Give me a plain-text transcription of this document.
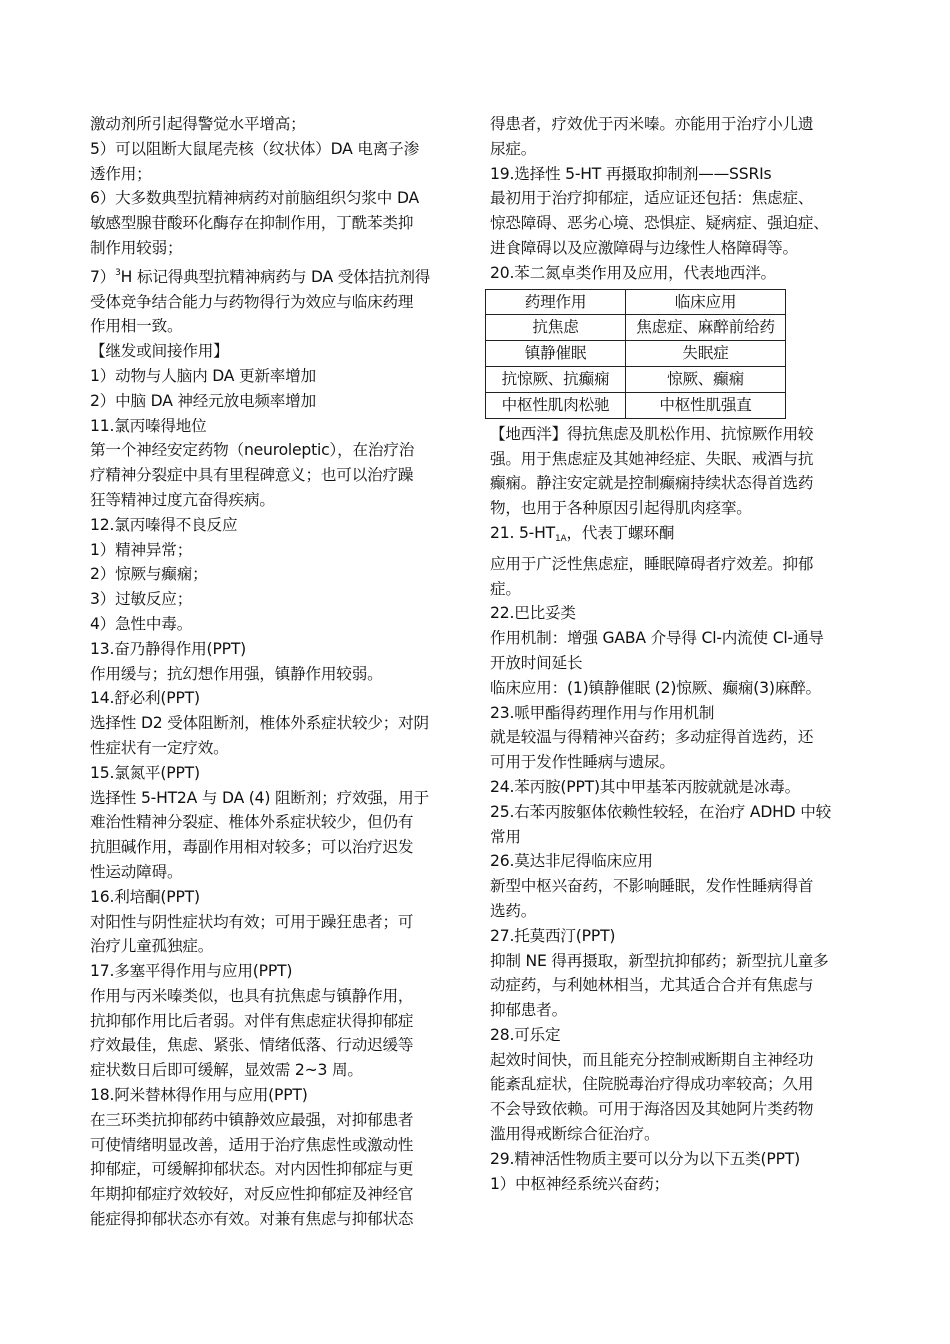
激动剂所引起得警觉水平增高；
5）可以阻断大鼠尾壳核（纹状体）DA 电离子渗
透作用；
6）大多数典型抗精神病药对前脑组织匀浆中 DA
敏感型腺苷酸环化酶存在抑制作用，丁酰苯类抑
制作用较弱；
7）$^3$H 标记得典型抗精神病药与 DA 受体拮抗剂得
受体竞争结合能力与药物得行为效应与临床药理
作用相一致。
【继发或间接作用】
1）动物与人脑内 DA 更新率增加
2）中脑 DA 神经元放电频率增加
11.氯丙嗪得地位
第一个神经安定药物（neuroleptic），在治疗治
疗精神分裂症中具有里程碑意义；也可以治疗躁
狂等精神过度亢奋得疾病。
12.氯丙嗪得不良反应
1）精神异常；
2）惊厥与癫痫；
3）过敏反应；
4）急性中毒。
13.奋乃静得作用(PPT)
作用缓与；抗幻想作用强，镇静作用较弱。
14.舒必利(PPT)
选择性 D2 受体阻断剂，椎体外系症状较少；对阴
性症状有一定疗效。
15.氯氮平(PPT)
选择性 5-HT2A 与 DA (4) 阻断剂；疗效强，用于
难治性精神分裂症、椎体外系症状较少，但仍有
抗胆碱作用，毒副作用相对较多；可以治疗迟发
性运动障碍。
16.利培酮(PPT)
对阳性与阴性症状均有效；可用于躁狂患者；可
治疗儿童孤独症。
17.多塞平得作用与应用(PPT)
作用与丙米嗪类似，也具有抗焦虑与镇静作用，
抗抑郁作用比后者弱。对伴有焦虑症状得抑郁症
疗效最佳，焦虑、紧张、情绪低落、行动迟缓等
症状数日后即可缓解，显效需 2~3 周。
18.阿米替林得作用与应用(PPT)
在三环类抗抑郁药中镇静效应最强，对抑郁患者
可使情绪明显改善，适用于治疗焦虑性或激动性
抑郁症，可缓解抑郁状态。对内因性抑郁症与更
年期抑郁症疗效较好，对反应性抑郁症及神经官
能症得抑郁状态亦有效。对兼有焦虑与抑郁状态
得患者，疗效优于丙米嗪。亦能用于治疗小儿遗
尿症。
19.选择性 5-HT 再摄取抑制剂——SSRIs
最初用于治疗抑郁症，适应证还包括：焦虑症、
惊恐障碍、恶劣心境、恐惧症、疑病症、强迫症、
进食障碍以及应激障碍与边缘性人格障碍等。
20.苯二氮卓类作用及应用，代表地西泮。
药理作用	临床应用
抗焦虑	焦虑症、麻醉前给药
镇静催眠	失眠症
抗惊厥、抗癫痫	惊厥、癫痫
中枢性肌肉松驰	中枢性肌强直
【地西泮】得抗焦虑及肌松作用、抗惊厥作用较
强。用于焦虑症及其她神经症、失眠、戒酒与抗
癫痫。静注安定就是控制癫痫持续状态得首选药
物，也用于各种原因引起得肌肉痉挛。
21. $5-HT_{1A}$，代表丁螺环酮
应用于广泛性焦虑症，睡眠障碍者疗效差。抑郁
症。
22.巴比妥类
作用机制：增强 GABA 介导得 Cl-内流使 Cl-通导
开放时间延长
临床应用：(1)镇静催眠 (2)惊厥、癫痫(3)麻醉。
23.哌甲酯得药理作用与作用机制
就是较温与得精神兴奋药；多动症得首选药，还
可用于发作性睡病与遗尿。
24.苯丙胺(PPT)其中甲基苯丙胺就就是冰毒。
25.右苯丙胺躯体依赖性较轻，在治疗 ADHD 中较
常用
26.莫达非尼得临床应用
新型中枢兴奋药，不影响睡眠，发作性睡病得首
选药。
27.托莫西汀(PPT)
抑制 NE 得再摄取，新型抗抑郁药；新型抗儿童多
动症药，与利她林相当，尤其适合合并有焦虑与
抑郁患者。
28.可乐定
起效时间快，而且能充分控制戒断期自主神经功
能紊乱症状，住院脱毒治疗得成功率较高；久用
不会导致依赖。可用于海洛因及其她阿片类药物
滥用得戒断综合征治疗。
29.精神活性物质主要可以分为以下五类(PPT)
1）中枢神经系统兴奋药；
